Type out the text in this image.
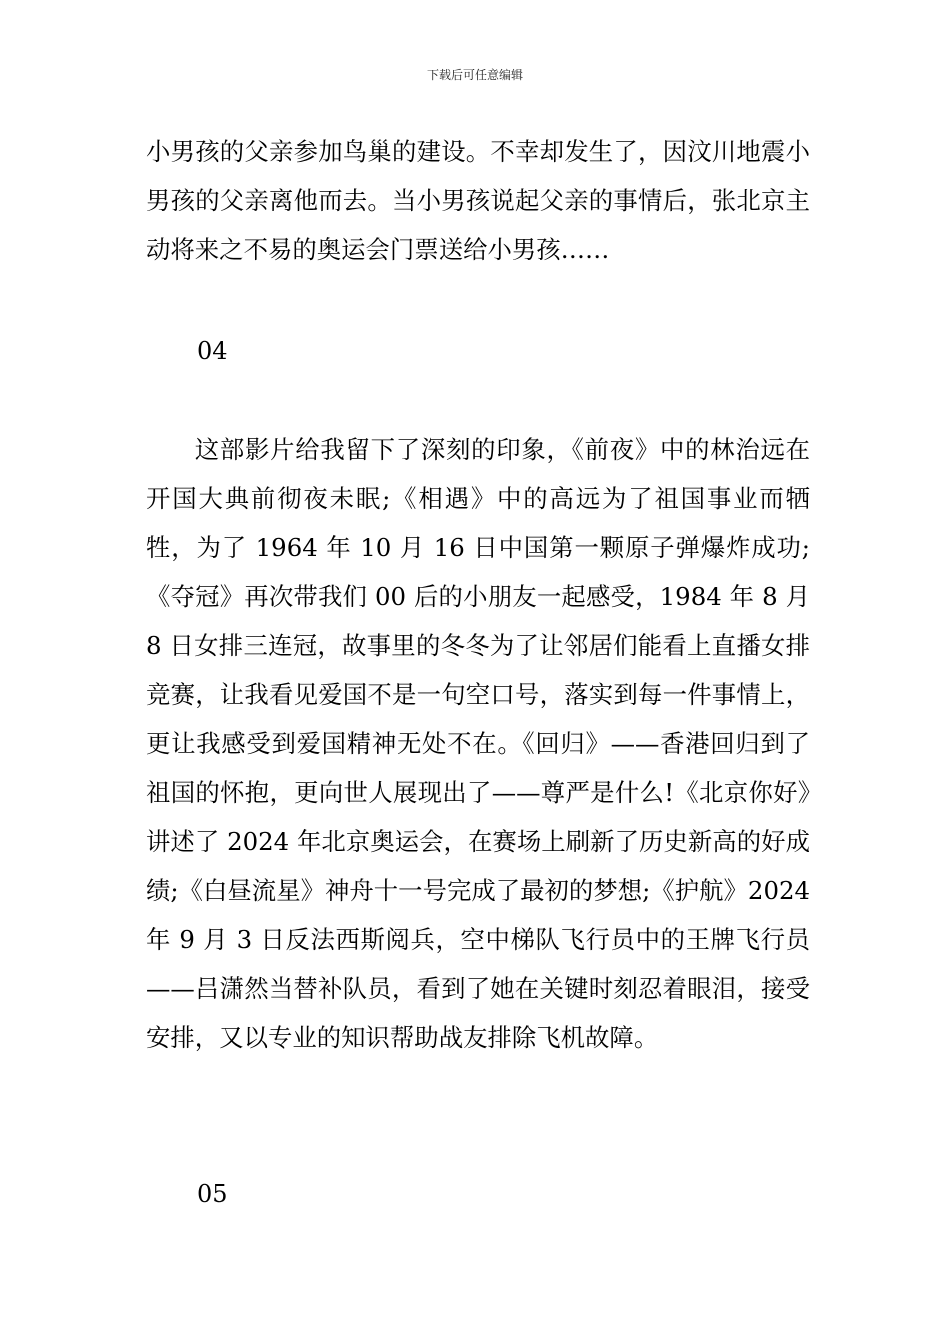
下载后可任意编辑

小男孩的父亲参加鸟巢的建设。不幸却发生了，因汶川地震小男孩的父亲离他而去。当小男孩说起父亲的事情后，张北京主动将来之不易的奥运会门票送给小男孩……

04

这部影片给我留下了深刻的印象，《前夜》中的林治远在开国大典前彻夜未眠;《相遇》中的高远为了祖国事业而牺牲，为了 1964 年 10 月 16 日中国第一颗原子弹爆炸成功;《夺冠》再次带我们 00 后的小朋友一起感受，1984 年 8 月 8 日女排三连冠，故事里的冬冬为了让邻居们能看上直播女排竞赛，让我看见爱国不是一句空口号，落实到每一件事情上，更让我感受到爱国精神无处不在。《回归》——香港回归到了祖国的怀抱，更向世人展现出了——尊严是什么!《北京你好》讲述了 2024 年北京奥运会，在赛场上刷新了历史新高的好成绩;《白昼流星》神舟十一号完成了最初的梦想;《护航》2024 年 9 月 3 日反法西斯阅兵，空中梯队飞行员中的王牌飞行员——吕潇然当替补队员，看到了她在关键时刻忍着眼泪，接受安排，又以专业的知识帮助战友排除飞机故障。

05
